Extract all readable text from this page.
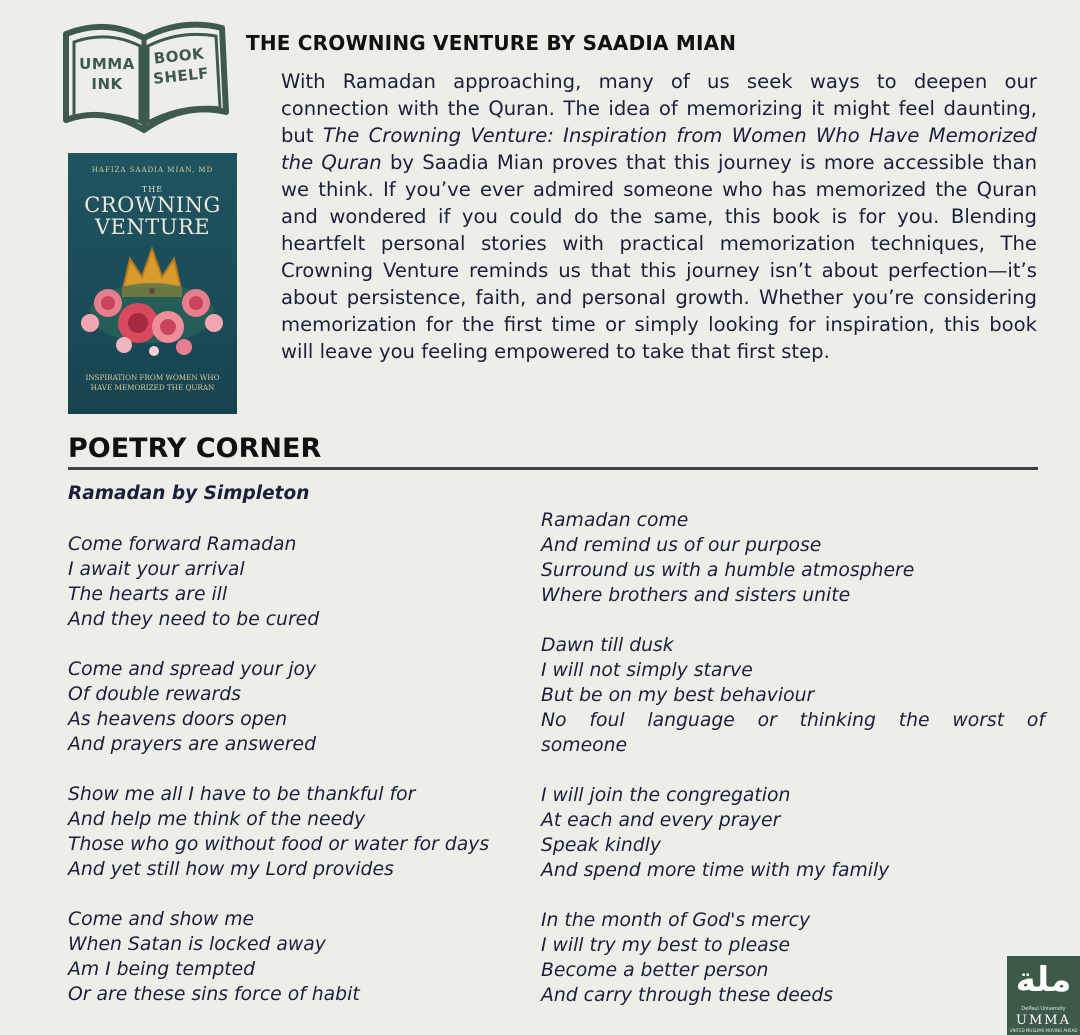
UMMA
INK
BOOK
SHELF
HAFIZA SAADIA MIAN, MD
THE
CROWNING
VENTURE
INSPIRATION FROM WOMEN WHO
HAVE MEMORIZED THE QURAN
THE CROWNING VENTURE BY SAADIA MIAN
With Ramadan approaching, many of us seek ways to deepen our connection with the Quran. The idea of memorizing it might feel daunting, but The Crowning Venture: Inspiration from Women Who Have Memorized the Quran by Saadia Mian proves that this journey is more accessible than we think. If you’ve ever admired someone who has memorized the Quran and wondered if you could do the same, this book is for you. Blending heartfelt personal stories with practical memorization techniques, The Crowning Venture reminds us that this journey isn’t about perfection—it’s about persistence, faith, and personal growth. Whether you’re considering memorization for the first time or simply looking for inspiration, this book will leave you feeling empowered to take that first step.
POETRY CORNER
Ramadan by Simpleton
Come forward Ramadan
I await your arrival
The hearts are ill
And they need to be cured
Come and spread your joy
Of double rewards
As heavens doors open
And prayers are answered
Show me all I have to be thankful for
And help me think of the needy
Those who go without food or water for days
And yet still how my Lord provides
Come and show me
When Satan is locked away
Am I being tempted
Or are these sins force of habit
Ramadan come
And remind us of our purpose
Surround us with a humble atmosphere
Where brothers and sisters unite
Dawn till dusk
I will not simply starve
But be on my best behaviour
No foul language or thinking the worst of
someone
I will join the congregation
At each and every prayer
Speak kindly
And spend more time with my family
In the month of God's mercy
I will try my best to please
Become a better person
And carry through these deeds	ملة
DePaul University
UMMA
UNITED MUSLIMS MOVING AHEAD
